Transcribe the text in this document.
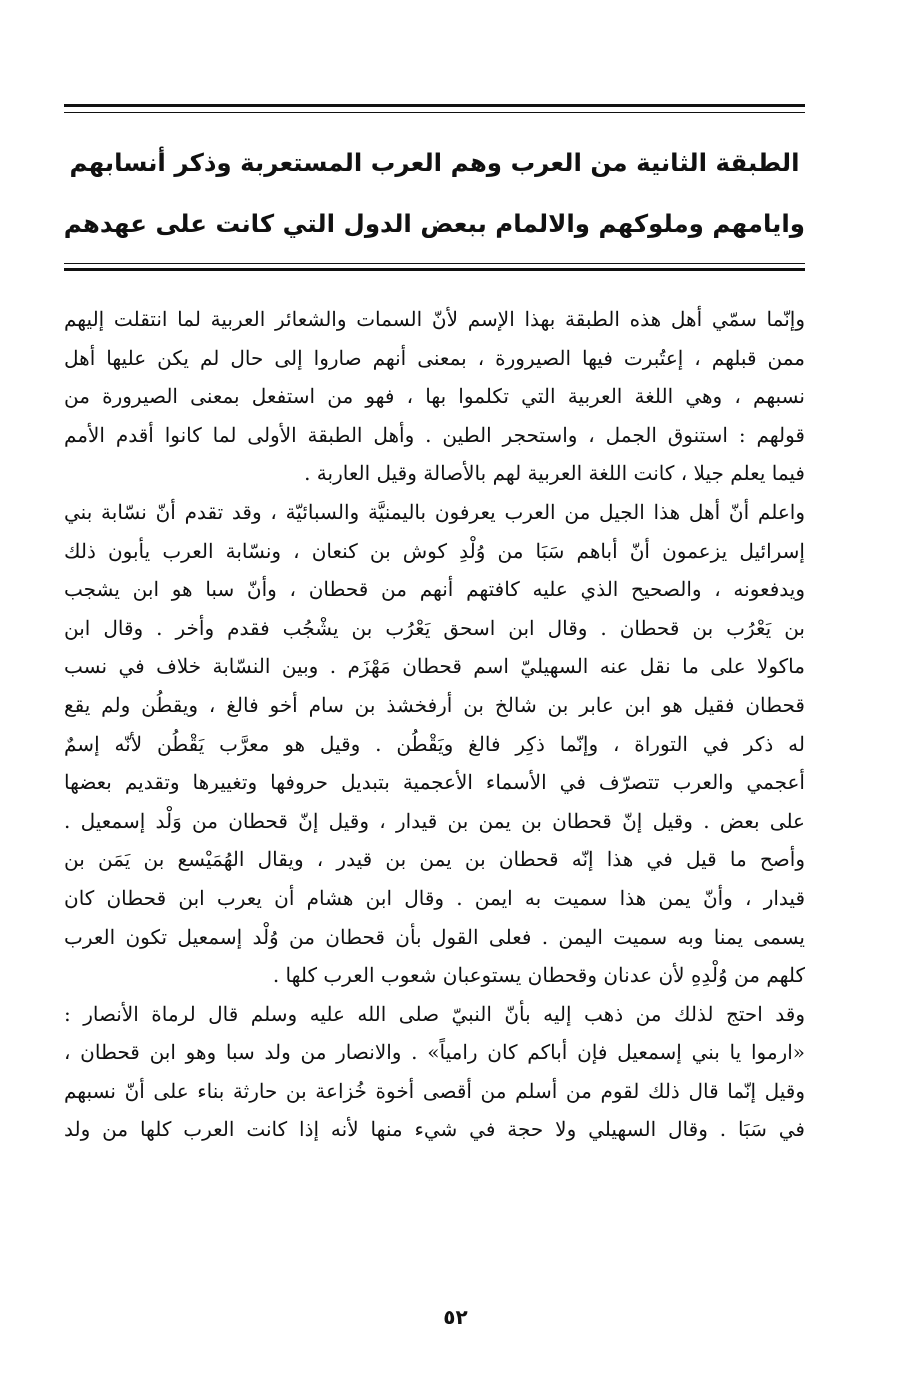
الطبقة الثانية من العرب وهم العرب المستعربة وذكر أنسابهم
وايامهم وملوكهم والالمام ببعض الدول التي كانت على عهدهم
وإنّما سمّي أهل هذه الطبقة بهذا الإسم لأنّ السمات والشعائر العربية لما انتقلت إليهم
ممن قبلهم ، إعتُبرت فيها الصيرورة ، بمعنى أنهم صاروا إلى حال لم يكن عليها أهل
نسبهم ، وهي اللغة العربية التي تكلموا بها ، فهو من استفعل بمعنى الصيرورة من
قولهم : استنوق الجمل ، واستحجر الطين . وأهل الطبقة الأولى لما كانوا أقدم الأمم
فيما يعلم جيلا ، كانت اللغة العربية لهم بالأصالة وقيل العاربة .
واعلم أنّ أهل هذا الجيل من العرب يعرفون باليمنيَّة والسبائيّة ، وقد تقدم أنّ نسّابة بني
إسرائيل يزعمون أنّ أباهم سَبَا من وُلْدِ كوش بن كنعان ، ونسّابة العرب يأبون ذلك
ويدفعونه ، والصحيح الذي عليه كافتهم أنهم من قحطان ، وأنّ سبا هو ابن يشجب
بن يَعْرُب بن قحطان . وقال ابن اسحق يَعْرُب بن يشْجُب فقدم وأخر . وقال ابن
ماكولا على ما نقل عنه السهيليّ اسم قحطان مَهْزَم . وبين النسّابة خلاف في نسب
قحطان فقيل هو ابن عابر بن شالخ بن أرفخشذ بن سام أخو فالغ ، ويقطُن ولم يقع
له ذكر في التوراة ، وإنّما ذكِر فالغ ويَقْطُن . وقيل هو معرَّب يَقْطُن لأنّه إسمٌ
أعجمي والعرب تتصرّف في الأسماء الأعجمية بتبديل حروفها وتغييرها وتقديم بعضها
على بعض . وقيل إنّ قحطان بن يمن بن قيدار ، وقيل إنّ قحطان من وَلْد إسمعيل .
وأصح ما قيل في هذا إنّه قحطان بن يمن بن قيدر ، ويقال الهُمَيْسع بن يَمَن بن
قيدار ، وأنّ يمن هذا سميت به ايمن . وقال ابن هشام أن يعرب ابن قحطان كان
يسمى يمنا وبه سميت اليمن . فعلى القول بأن قحطان من وُلْد إسمعيل تكون العرب
كلهم من وُلْدِهِ لأن عدنان وقحطان يستوعبان شعوب العرب كلها .
وقد احتج لذلك من ذهب إليه بأنّ النبيّ صلى الله عليه وسلم قال لرماة الأنصار :
«ارموا يا بني إسمعيل فإن أباكم كان رامياً» . والانصار من ولد سبا وهو ابن قحطان ،
وقيل إنّما قال ذلك لقوم من أسلم من أقصى أخوة خُزاعة بن حارثة بناء على أنّ نسبهم
في سَبَا . وقال السهيلي ولا حجة في شيء منها لأنه إذا كانت العرب كلها من ولد
٥٢
